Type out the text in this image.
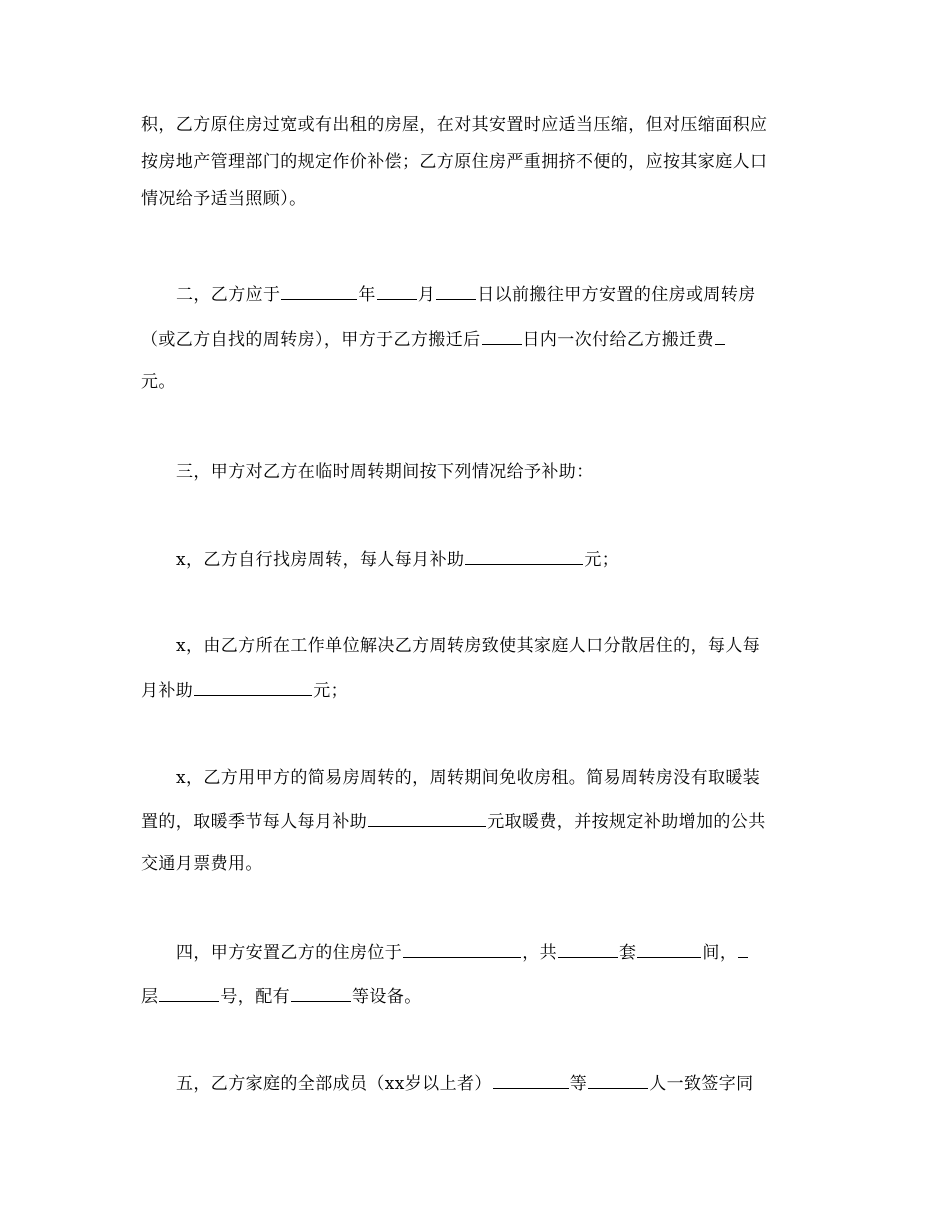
积，乙方原住房过宽或有出租的房屋，在对其安置时应适当压缩，但对压缩面积应
按房地产管理部门的规定作价补偿；乙方原住房严重拥挤不便的，应按其家庭人口
情况给予适当照顾）。
二，乙方应于	年 月 日以前搬往甲方安置的住房或周转房
（或乙方自找的周转房），甲方于乙方搬迁后 日内一次付给乙方搬迁费
元。
三，甲方对乙方在临时周转期间按下列情况给予补助：
x，乙方自行找房周转，每人每月补助	元；
x，由乙方所在工作单位解决乙方周转房致使其家庭人口分散居住的，每人每
月补助	元；
x，乙方用甲方的简易房周转的，周转期间免收房租。简易周转房没有取暖装
置的，取暖季节每人每月补助	元取暖费，并按规定补助增加的公共
交通月票费用。
四，甲方安置乙方的住房位于	，共	套	间，
层	号，配有	等设备。
五，乙方家庭的全部成员（xx岁以上者）	等	人一致签字同
